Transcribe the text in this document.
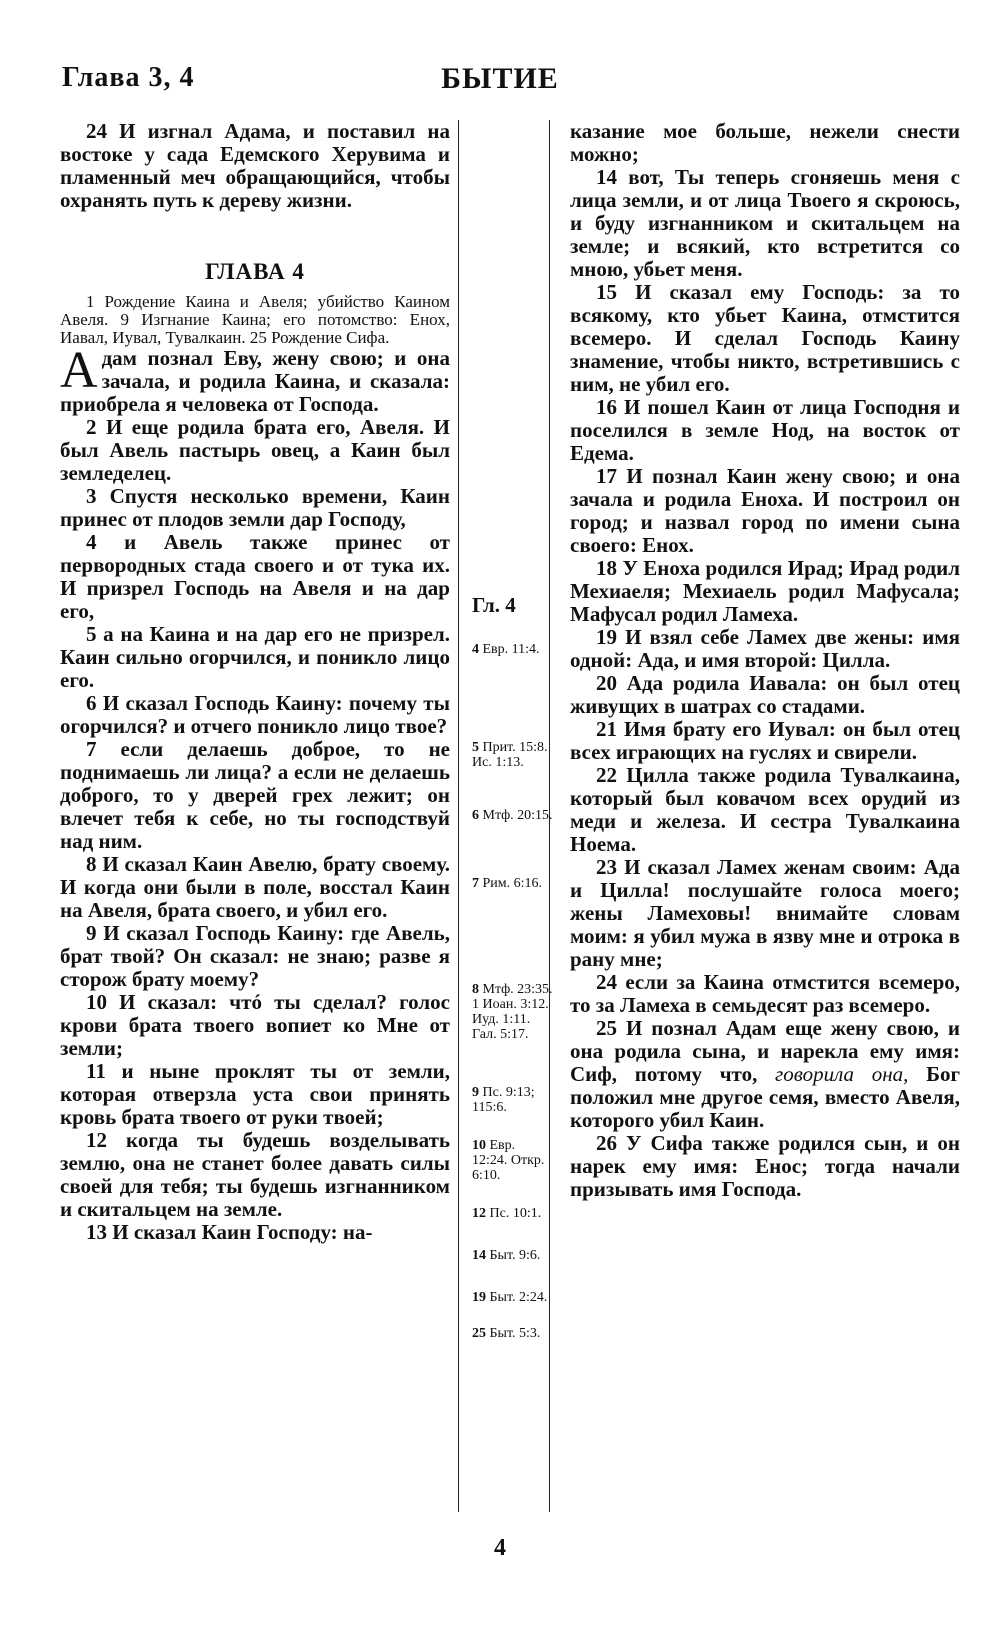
Глава 3, 4	БЫТИЕ

24 И изгнал Адама, и поставил на востоке у сада Едемского Херувима и пламенный меч обращающийся, чтобы охранять путь к дереву жизни.

ГЛАВА 4

1 Рождение Каина и Авеля; убийство Каином Авеля. 9 Изгнание Каина; его потомство: Енох, Иавал, Иувал, Тувалкаин. 25 Рождение Сифа.

Адам познал Еву, жену свою; и она зачала, и родила Каина, и сказала: приобрела я человека от Господа.

2 И еще родила брата его, Авеля. И был Авель пастырь овец, а Каин был земледелец.

3 Спустя несколько времени, Каин принес от плодов земли дар Господу,

4 и Авель также принес от первородных стада своего и от тука их. И призрел Господь на Авеля и на дар его,

5 а на Каина и на дар его не призрел. Каин сильно огорчился, и поникло лицо его.

6 И сказал Господь Каину: почему ты огорчился? и отчего поникло лицо твое?

7 если делаешь доброе, то не поднимаешь ли лица? а если не делаешь доброго, то у дверей грех лежит; он влечет тебя к себе, но ты господствуй над ним.

8 И сказал Каин Авелю, брату своему. И когда они были в поле, восстал Каин на Авеля, брата своего, и убил его.

9 И сказал Господь Каину: где Авель, брат твой? Он сказал: не знаю; разве я сторож брату моему?

10 И сказал: чтó ты сделал? голос крови брата твоего вопиет ко Мне от земли;

11 и ныне проклят ты от земли, которая отверзла уста свои принять кровь брата твоего от руки твоей;

12 когда ты будешь возделывать землю, она не станет более давать силы своей для тебя; ты будешь изгнанником и скитальцем на земле.

13 И сказал Каин Господу: на-

Гл. 4
4 Евр. 11:4.
5 Прит. 15:8. Ис. 1:13.
6 Мтф. 20:15.
7 Рим. 6:16.
8 Мтф. 23:35. 1 Иоан. 3:12. Иуд. 1:11. Гал. 5:17.
9 Пс. 9:13; 115:6.
10 Евр. 12:24. Откр. 6:10.
12 Пс. 10:1.
14 Быт. 9:6.
19 Быт. 2:24.
25 Быт. 5:3.

казание мое больше, нежели снести можно;

14 вот, Ты теперь сгоняешь меня с лица земли, и от лица Твоего я скроюсь, и буду изгнанником и скитальцем на земле; и всякий, кто встретится со мною, убьет меня.

15 И сказал ему Господь: за то всякому, кто убьет Каина, отмстится всемеро. И сделал Господь Каину знамение, чтобы никто, встретившись с ним, не убил его.

16 И пошел Каин от лица Господня и поселился в земле Нод, на восток от Едема.

17 И познал Каин жену свою; и она зачала и родила Еноха. И построил он город; и назвал город по имени сына своего: Енох.

18 У Еноха родился Ирад; Ирад родил Мехиаеля; Мехиаель родил Мафусала; Мафусал родил Ламеха.

19 И взял себе Ламех две жены: имя одной: Ада, и имя второй: Цилла.

20 Ада родила Иавала: он был отец живущих в шатрах со стадами.

21 Имя брату его Иувал: он был отец всех играющих на гуслях и свирели.

22 Цилла также родила Тувалкаина, который был ковачом всех орудий из меди и железа. И сестра Тувалкаина Ноема.

23 И сказал Ламех женам своим: Ада и Цилла! послушайте голоса моего; жены Ламеховы! внимайте словам моим: я убил мужа в язву мне и отрока в рану мне;

24 если за Каина отмстится всемеро, то за Ламеха в семьдесят раз всемеро.

25 И познал Адам еще жену свою, и она родила сына, и нарекла ему имя: Сиф, потому что, говорила она, Бог положил мне другое семя, вместо Авеля, которого убил Каин.

26 У Сифа также родился сын, и он нарек ему имя: Енос; тогда начали призывать имя Господа.

4
